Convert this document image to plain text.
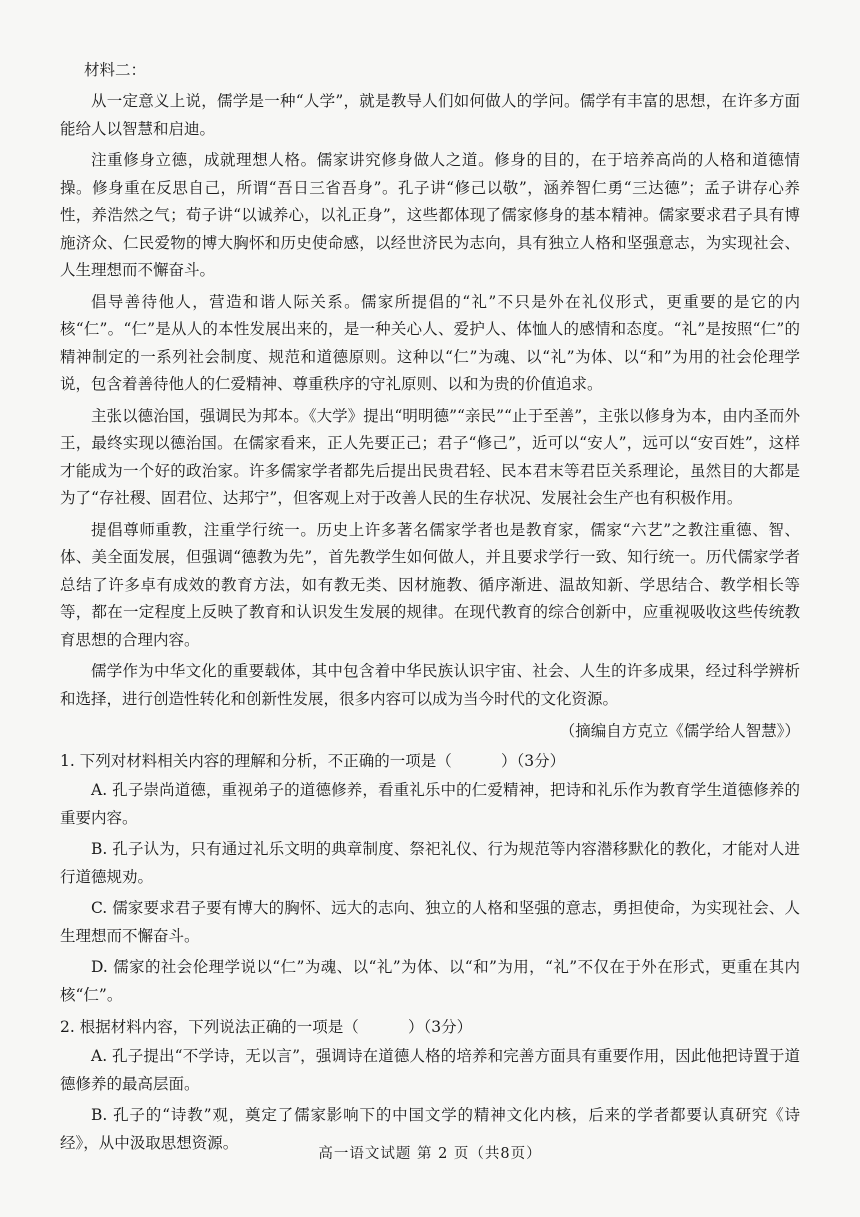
材料二：

从一定意义上说，儒学是一种“人学”，就是教导人们如何做人的学问。儒学有丰富的思想，在许多方面能给人以智慧和启迪。

注重修身立德，成就理想人格。儒家讲究修身做人之道。修身的目的，在于培养高尚的人格和道德情操。修身重在反思自己，所谓“吾日三省吾身”。孔子讲“修己以敬”，涵养智仁勇“三达德”；孟子讲存心养性，养浩然之气；荀子讲“以诚养心，以礼正身”，这些都体现了儒家修身的基本精神。儒家要求君子具有博施济众、仁民爱物的博大胸怀和历史使命感，以经世济民为志向，具有独立人格和坚强意志，为实现社会、人生理想而不懈奋斗。

倡导善待他人，营造和谐人际关系。儒家所提倡的“礼”不只是外在礼仪形式，更重要的是它的内核“仁”。“仁”是从人的本性发展出来的，是一种关心人、爱护人、体恤人的感情和态度。“礼”是按照“仁”的精神制定的一系列社会制度、规范和道德原则。这种以“仁”为魂、以“礼”为体、以“和”为用的社会伦理学说，包含着善待他人的仁爱精神、尊重秩序的守礼原则、以和为贵的价值追求。

主张以德治国，强调民为邦本。《大学》提出“明明德”“亲民”“止于至善”，主张以修身为本，由内圣而外王，最终实现以德治国。在儒家看来，正人先要正己；君子“修己”，近可以“安人”，远可以“安百姓”，这样才能成为一个好的政治家。许多儒家学者都先后提出民贵君轻、民本君末等君臣关系理论，虽然目的大都是为了“存社稷、固君位、达邦宁”，但客观上对于改善人民的生存状况、发展社会生产也有积极作用。

提倡尊师重教，注重学行统一。历史上许多著名儒家学者也是教育家，儒家“六艺”之教注重德、智、体、美全面发展，但强调“德教为先”，首先教学生如何做人，并且要求学行一致、知行统一。历代儒家学者总结了许多卓有成效的教育方法，如有教无类、因材施教、循序渐进、温故知新、学思结合、教学相长等等，都在一定程度上反映了教育和认识发生发展的规律。在现代教育的综合创新中，应重视吸收这些传统教育思想的合理内容。

儒学作为中华文化的重要载体，其中包含着中华民族认识宇宙、社会、人生的许多成果，经过科学辨析和选择，进行创造性转化和创新性发展，很多内容可以成为当今时代的文化资源。

（摘编自方克立《儒学给人智慧》）
1. 下列对材料相关内容的理解和分析，不正确的一项是（          ）（3分）

A. 孔子崇尚道德，重视弟子的道德修养，看重礼乐中的仁爱精神，把诗和礼乐作为教育学生道德修养的重要内容。

B. 孔子认为，只有通过礼乐文明的典章制度、祭祀礼仪、行为规范等内容潜移默化的教化，才能对人进行道德规劝。

C. 儒家要求君子要有博大的胸怀、远大的志向、独立的人格和坚强的意志，勇担使命，为实现社会、人生理想而不懈奋斗。

D. 儒家的社会伦理学说以“仁”为魂、以“礼”为体、以“和”为用，“礼”不仅在于外在形式，更重在其内核“仁”。

2. 根据材料内容，下列说法正确的一项是（          ）（3分）

A. 孔子提出“不学诗，无以言”，强调诗在道德人格的培养和完善方面具有重要作用，因此他把诗置于道德修养的最高层面。

B. 孔子的“诗教”观，奠定了儒家影响下的中国文学的精神文化内核，后来的学者都要认真研究《诗经》，从中汲取思想资源。

高一语文试题 第 2 页（共8页）
